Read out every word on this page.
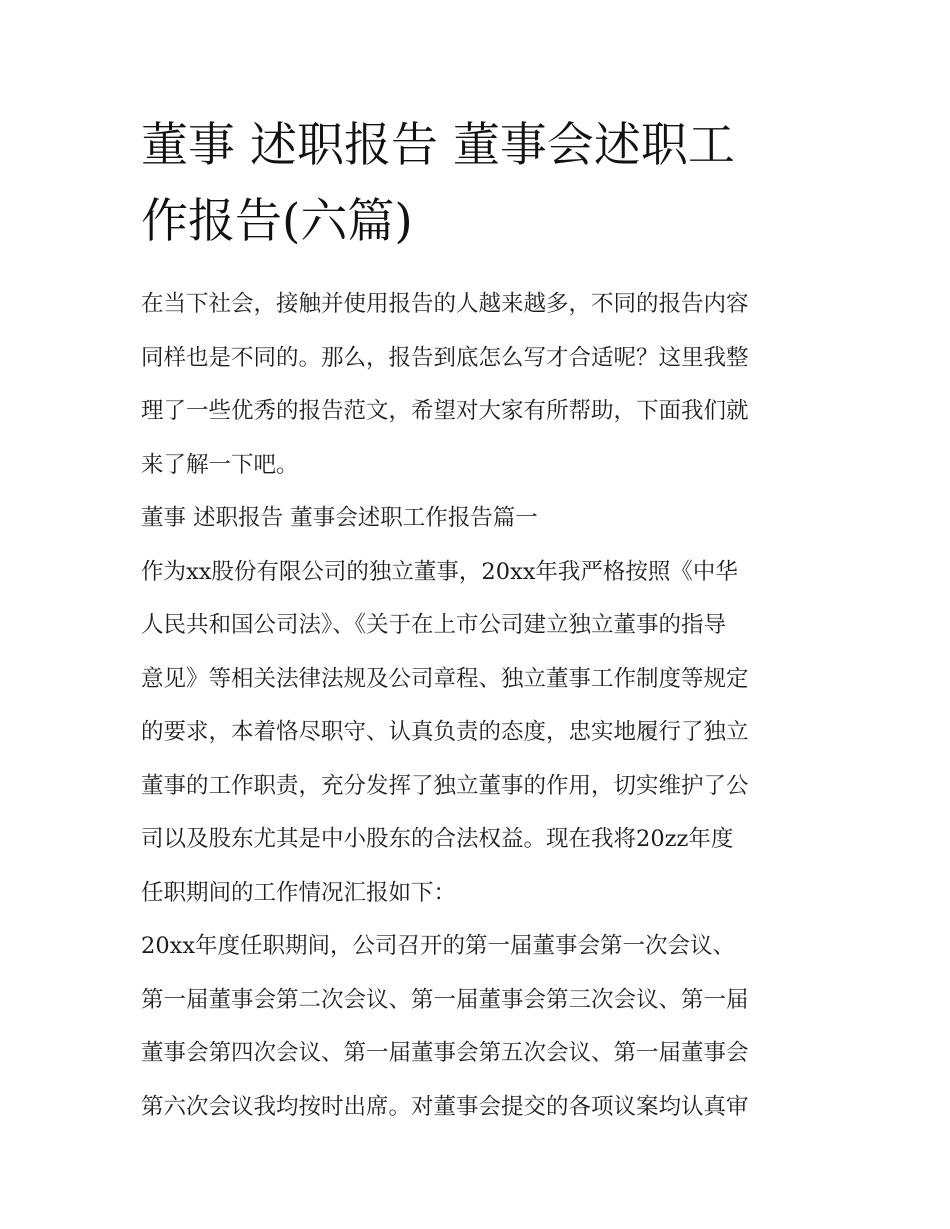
董事 述职报告 董事会述职工
作报告(六篇)

在当下社会，接触并使用报告的人越来越多，不同的报告内容
同样也是不同的。那么，报告到底怎么写才合适呢？这里我整
理了一些优秀的报告范文，希望对大家有所帮助，下面我们就
来了解一下吧。

董事 述职报告 董事会述职工作报告篇一

作为xx股份有限公司的独立董事，20xx年我严格按照《中华
人民共和国公司法》、《关于在上市公司建立独立董事的指导
意见》等相关法律法规及公司章程、独立董事工作制度等规定
的要求，本着恪尽职守、认真负责的态度，忠实地履行了独立
董事的工作职责，充分发挥了独立董事的作用，切实维护了公
司以及股东尤其是中小股东的合法权益。现在我将20zz年度
任职期间的工作情况汇报如下：

20xx年度任职期间，公司召开的第一届董事会第一次会议、
第一届董事会第二次会议、第一届董事会第三次会议、第一届
董事会第四次会议、第一届董事会第五次会议、第一届董事会
第六次会议我均按时出席。对董事会提交的各项议案均认真审
